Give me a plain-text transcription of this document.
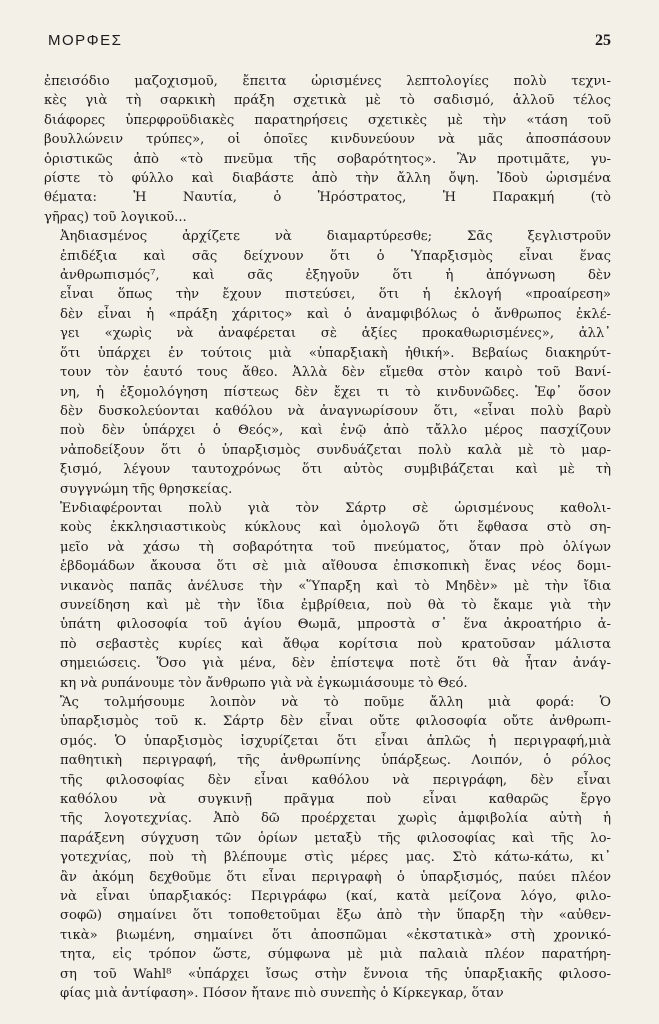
ΜΟΡΦΕΣ	25
ἐπεισόδιο μαζοχισμοῦ, ἔπειτα ὡρισμένες λεπτολογίες πολὺ τεχνι-
κὲς γιὰ τὴ σαρκικὴ πράξη σχετικὰ μὲ τὸ σαδισμό, ἀλλοῦ τέλος
διάφορες ὑπερφροϋδιακὲς παρατηρήσεις σχετικὲς μὲ τὴν «τάση τοῦ
βουλλώνειν τρύπες», οἱ ὁποῖες κινδυνεύουν νὰ μᾶς ἀποσπάσουν
ὁριστικῶς ἀπὸ «τὸ πνεῦμα τῆς σοβαρότητος». Ἂν προτιμᾶτε, γυ-
ρίστε τὸ φύλλο καὶ διαβάστε ἀπὸ τὴν ἄλλη ὄψη. Ἰδοὺ ὡρισμένα
θέματα: Ἡ Ναυτία, ὁ Ἡρόστρατος, Ἡ Παρακμή (τὸ
γῆρας) τοῦ λογικοῦ...
Ἀηδιασμένος ἀρχίζετε νὰ διαμαρτύρεσθε; Σᾶς ξεγλιστροῦν
ἐπιδέξια καὶ σᾶς δείχνουν ὅτι ὁ Ὑπαρξισμὸς εἶναι ἕνας
ἀνθρωπισμός⁷, καὶ σᾶς ἐξηγοῦν ὅτι ἡ ἀπόγνωση δὲν
εἶναι ὅπως τὴν ἔχουν πιστεύσει, ὅτι ἡ ἐκλογή «προαίρεση»
δὲν εἶναι ἡ «πράξη χάριτος» καὶ ὁ ἀναμφιβόλως ὁ ἄνθρωπος ἐκλέ-
γει «χωρὶς νὰ ἀναφέρεται σὲ ἀξίες προκαθωρισμένες», ἀλλ᾽
ὅτι ὑπάρχει ἐν τούτοις μιὰ «ὑπαρξιακὴ ἠθική». Βεβαίως διακηρύτ-
τουν τὸν ἑαυτό τους ἄθεο. Ἀλλὰ δὲν εἴμεθα στὸν καιρὸ τοῦ Βανί-
νη, ἡ ἐξομολόγηση πίστεως δὲν ἔχει τι τὸ κινδυνῶδες. Ἐφ᾽ ὅσον
δὲν δυσκολεύονται καθόλου νὰ ἀναγνωρίσουν ὅτι, «εἶναι πολὺ βαρὺ
ποὺ δὲν ὑπάρχει ὁ Θεός», καὶ ἐνῷ ἀπὸ τἄλλο μέρος πασχίζουν
νἀποδείξουν ὅτι ὁ ὑπαρξισμὸς συνδυάζεται πολὺ καλὰ μὲ τὸ μαρ-
ξισμό, λέγουν ταυτοχρόνως ὅτι αὐτὸς συμβιβάζεται καὶ μὲ τὴ
συγγνώμη τῆς θρησκείας.
Ἐνδιαφέρονται πολὺ γιὰ τὸν Σάρτρ σὲ ὡρισμένους καθολι-
κοὺς ἐκκλησιαστικοὺς κύκλους καὶ ὁμολογῶ ὅτι ἔφθασα στὸ ση-
μεῖο νὰ χάσω τὴ σοβαρότητα τοῦ πνεύματος, ὅταν πρὸ ὀλίγων
ἑβδομάδων ἄκουσα ὅτι σὲ μιὰ αἴθουσα ἐπισκοπικὴ ἕνας νέος δομι-
νικανὸς παπᾶς ἀνέλυσε τὴν «Ὕπαρξη καὶ τὸ Μηδὲν» μὲ τὴν ἴδια
συνείδηση καὶ μὲ τὴν ἴδια ἐμβρίθεια, ποὺ θὰ τὸ ἔκαμε γιὰ τὴν
ὑπάτη φιλοσοφία τοῦ ἁγίου Θωμᾶ, μπροστὰ σ᾽ ἕνα ἀκροατήριο ἀ-
πὸ σεβαστὲς κυρίες καὶ ἄθῳα κορίτσια ποὺ κρατοῦσαν μάλιστα
σημειώσεις. Ὅσο γιὰ μένα, δὲν ἐπίστεψα ποτὲ ὅτι θὰ ἦταν ἀνάγ-
κη νὰ ρυπάνουμε τὸν ἄνθρωπο γιὰ νὰ ἐγκωμιάσουμε τὸ Θεό.
Ἂς τολμήσουμε λοιπὸν νὰ τὸ ποῦμε ἄλλη μιὰ φορά: Ὁ
ὑπαρξισμὸς τοῦ κ. Σάρτρ δὲν εἶναι οὔτε φιλοσοφία οὔτε ἀνθρωπι-
σμός. Ὁ ὑπαρξισμὸς ἰσχυρίζεται ὅτι εἶναι ἁπλῶς ἡ περιγραφή,μιὰ
παθητικὴ περιγραφή, τῆς ἀνθρωπίνης ὑπάρξεως. Λοιπόν, ὁ ρόλος
τῆς φιλοσοφίας δὲν εἶναι καθόλου νὰ περιγράφη, δὲν εἶναι
καθόλου νὰ συγκινῇ πρᾶγμα ποὺ εἶναι καθαρῶς ἔργο
τῆς λογοτεχνίας. Ἀπὸ δῶ προέρχεται χωρὶς ἀμφιβολία αὐτὴ ἡ
παράξενη σύγχυση τῶν ὁρίων μεταξὺ τῆς φιλοσοφίας καὶ τῆς λο-
γοτεχνίας, ποὺ τὴ βλέπουμε στὶς μέρες μας. Στὸ κάτω-κάτω, κι᾽
ἂν ἀκόμη δεχθοῦμε ὅτι εἶναι περιγραφὴ ὁ ὑπαρξισμός, παύει πλέον
νὰ εἶναι ὑπαρξιακός: Περιγράφω (καί, κατὰ μείζονα λόγο, φιλο-
σοφῶ) σημαίνει ὅτι τοποθετοῦμαι ἔξω ἀπὸ τὴν ὕπαρξη τὴν «αὐθεν-
τικὰ» βιωμένη, σημαίνει ὅτι ἀποσπῶμαι «ἐκστατικὰ» στὴ χρονικό-
τητα, εἰς τρόπον ὥστε, σύμφωνα μὲ μιὰ παλαιὰ πλέον παρατήρη-
ση τοῦ Wahl⁸ «ὑπάρχει ἴσως στὴν ἔννοια τῆς ὑπαρξιακῆς φιλοσο-
φίας μιὰ ἀντίφαση». Πόσον ἤτανε πιὸ συνεπὴς ὁ Κίρκεγκαρ, ὅταν
